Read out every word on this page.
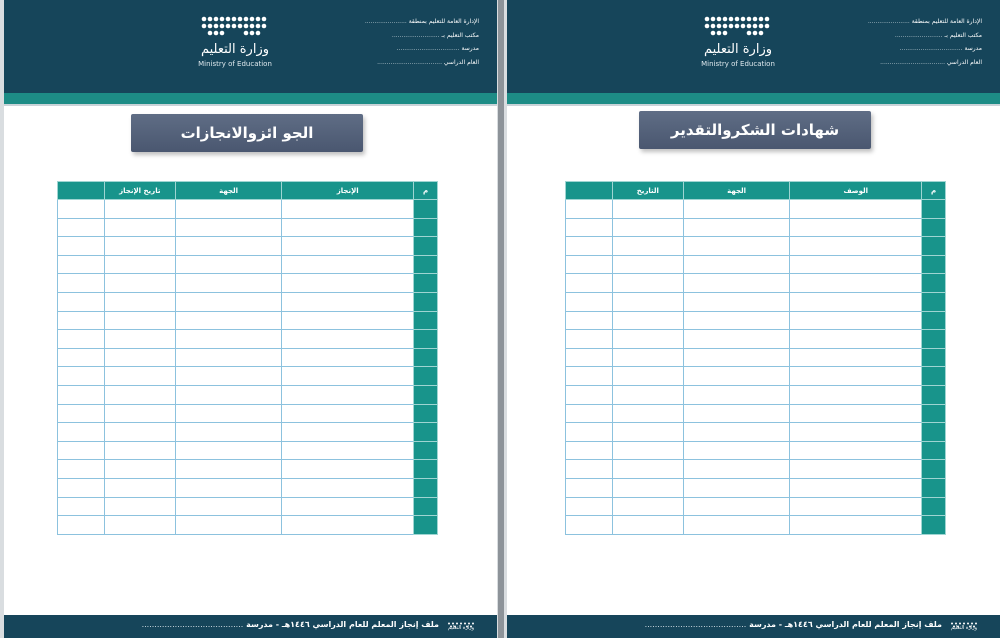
وزارة التعليم
Ministry of Education
الإدارة العامة للتعليم بمنطقة ......................
مكتب التعليم بـ .........................
مدرسة .................................
العام الدراسي ..................................
الجو ائزوالانجازات
م	الإنجاز	الجهة	تاريخ الإنجاز	

ملف إنجاز المعلم للعام الدراسي ١٤٤٦هـ - مدرسة ........................................	وزارة التعليم
وزارة التعليم
Ministry of Education
الإدارة العامة للتعليم بمنطقة ......................
مكتب التعليم بـ .........................
مدرسة .................................
العام الدراسي ..................................
شهادات الشكروالتقدير
م	الوصف	الجهة	التاريخ	

ملف إنجاز المعلم للعام الدراسي ١٤٤٦هـ - مدرسة ........................................	وزارة التعليم
